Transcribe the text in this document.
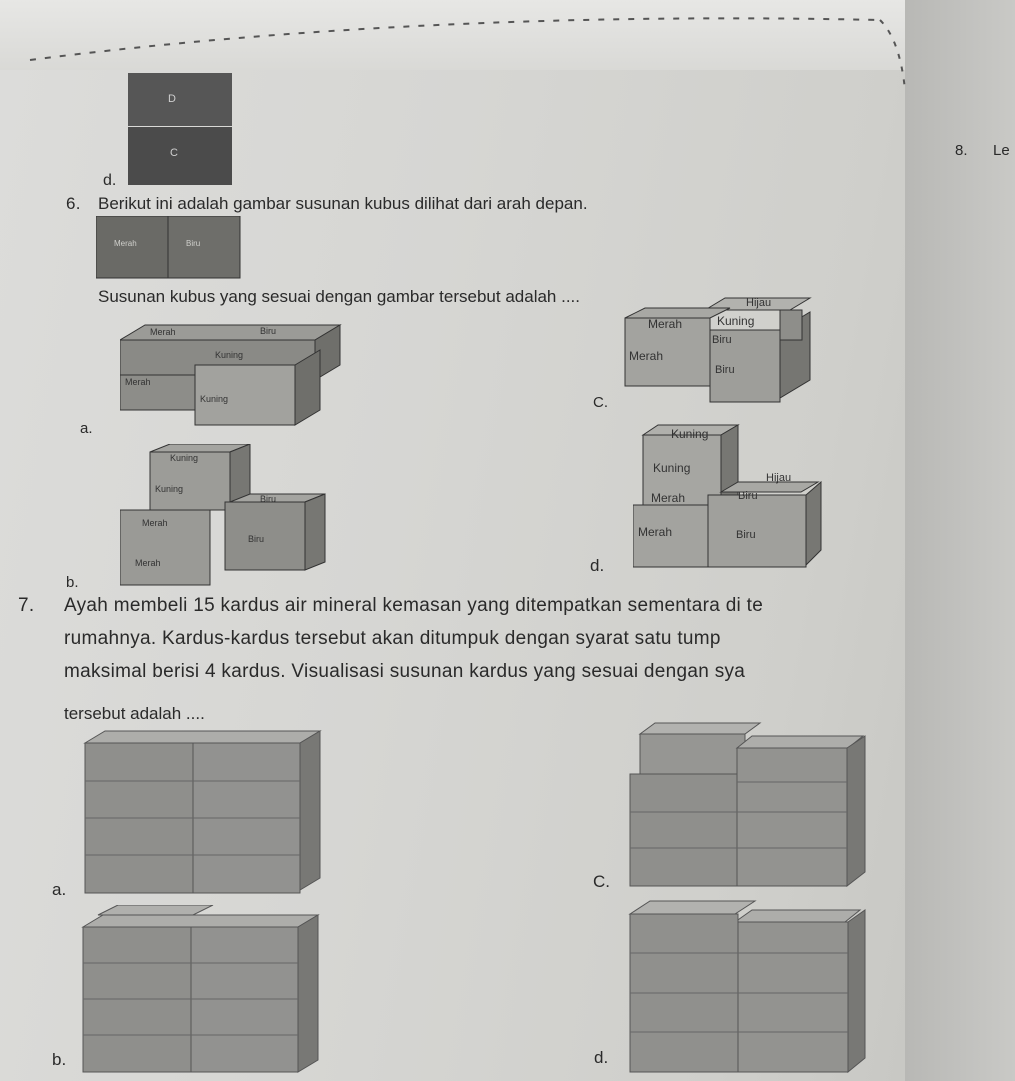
8. Le
D
C
d.
6. Berikut ini adalah gambar susunan kubus dilihat dari arah depan.
Merah	Biru
Susunan kubus yang sesuai dengan gambar tersebut adalah ....
Merah	Biru
Kuning
Merah
Kuning
a.
Kuning
Kuning
Biru
Merah
Biru
Merah
b.
Hijau
Merah	Kuning
Biru
Merah
Biru
C.
Kuning
Kuning
Hijau
Merah	Biru
Merah	Biru
d.
7. Ayah membeli 15 kardus air mineral kemasan yang ditempatkan sementara di te
rumahnya. Kardus-kardus tersebut akan ditumpuk dengan syarat satu tump
maksimal berisi 4 kardus. Visualisasi susunan kardus yang sesuai dengan sya
tersebut adalah ....
a.
b.
C.
d.
